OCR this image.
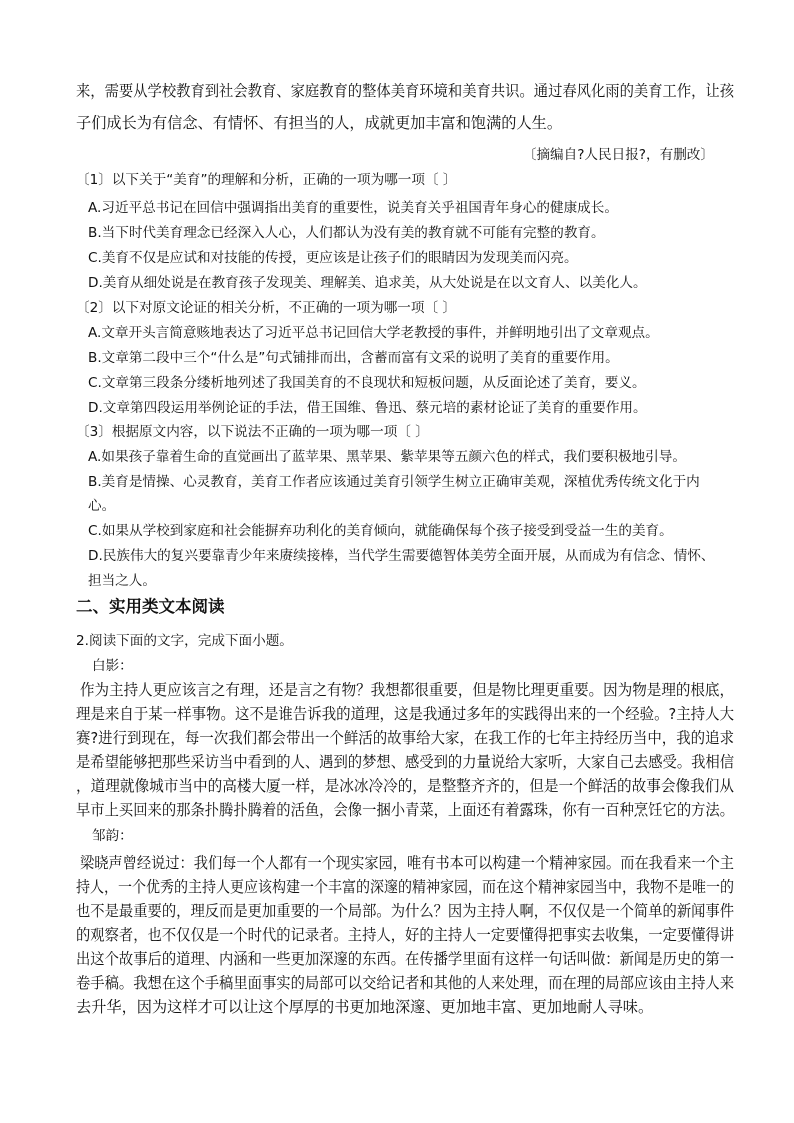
来，需要从学校教育到社会教育、家庭教育的整体美育环境和美育共识。通过春风化雨的美育工作，让孩
子们成长为有信念、有情怀、有担当的人，成就更加丰富和饱满的人生。
〔摘编自?人民日报?，有删改〕
〔1〕以下关于“美育”的理解和分析，正确的一项为哪一项〔 〕
A.习近平总书记在回信中强调指出美育的重要性，说美育关乎祖国青年身心的健康成长。
B.当下时代美育理念已经深入人心，人们都认为没有美的教育就不可能有完整的教育。
C.美育不仅是应试和对技能的传授，更应该是让孩子们的眼睛因为发现美而闪亮。
D.美育从细处说是在教育孩子发现美、理解美、追求美，从大处说是在以文育人、以美化人。
〔2〕以下对原文论证的相关分析，不正确的一项为哪一项〔 〕
A.文章开头言简意赅地表达了习近平总书记回信大学老教授的事件，并鲜明地引出了文章观点。
B.文章第二段中三个“什么是”句式铺排而出，含蓄而富有文采的说明了美育的重要作用。
C.文章第三段条分缕析地列述了我国美育的不良现状和短板问题，从反面论述了美育，要义。
D.文章第四段运用举例论证的手法，借王国维、鲁迅、蔡元培的素材论证了美育的重要作用。
〔3〕根据原文内容，以下说法不正确的一项为哪一项〔 〕
A.如果孩子靠着生命的直觉画出了蓝苹果、黑苹果、紫苹果等五颜六色的样式，我们要积极地引导。
B.美育是情操、心灵教育，美育工作者应该通过美育引领学生树立正确审美观，深植优秀传统文化于内
心。
C.如果从学校到家庭和社会能摒弃功利化的美育倾向，就能确保每个孩子接受到受益一生的美育。
D.民族伟大的复兴要靠青少年来赓续接棒，当代学生需要德智体美劳全面开展，从而成为有信念、情怀、
担当之人。
二、实用类文本阅读
2.阅读下面的文字，完成下面小题。
白影：
作为主持人更应该言之有理，还是言之有物？我想都很重要，但是物比理更重要。因为物是理的根底，
理是来自于某一样事物。这不是谁告诉我的道理，这是我通过多年的实践得出来的一个经验。?主持人大
赛?进行到现在，每一次我们都会带出一个鲜活的故事给大家，在我工作的七年主持经历当中，我的追求
是希望能够把那些采访当中看到的人、遇到的梦想、感受到的力量说给大家听，大家自己去感受。我相信
，道理就像城市当中的高楼大厦一样，是冰冰冷冷的，是整整齐齐的，但是一个鲜活的故事会像我们从
早市上买回来的那条扑腾扑腾着的活鱼，会像一捆小青菜，上面还有着露珠，你有一百种烹饪它的方法。
邹韵：
梁晓声曾经说过：我们每一个人都有一个现实家园，唯有书本可以构建一个精神家园。而在我看来一个主
持人，一个优秀的主持人更应该构建一个丰富的深邃的精神家园，而在这个精神家园当中，我物不是唯一的
也不是最重要的，理反而是更加重要的一个局部。为什么？因为主持人啊，不仅仅是一个简单的新闻事件
的观察者，也不仅仅是一个时代的记录者。主持人，好的主持人一定要懂得把事实去收集，一定要懂得讲
出这个故事后的道理、内涵和一些更加深邃的东西。在传播学里面有这样一句话叫做：新闻是历史的第一
卷手稿。我想在这个手稿里面事实的局部可以交给记者和其他的人来处理，而在理的局部应该由主持人来
去升华，因为这样才可以让这个厚厚的书更加地深邃、更加地丰富、更加地耐人寻味。
